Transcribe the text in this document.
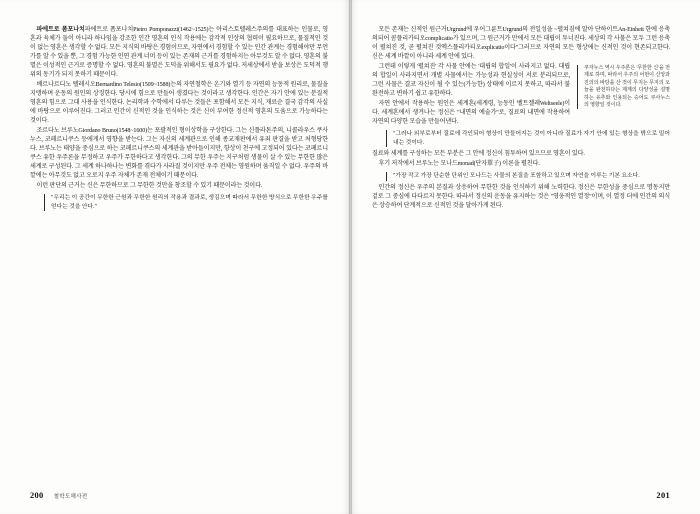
파에트로 폼포나치파에트로 폼포나치Pietro Pomponazzi(1462~1525)는 아리스토텔레스주의를 대표하는 인물로, 영혼과 육체가 둘이 아니라 하나임을 강조한 인간 영혼의 인식 작용에는 감각적 인상의 협력이 필요하므로, 물질적인 것이 없는 영혼은 생각할 수 없다. 모든 지식의 바탕은 경험이므로, 자연에서 경험할 수 있는 인간 관계는 경험해야만 무언가를 알 수 있을 뿐, 그 경험 가능한 인연 관계 너머 등이 있는 존재의 근거를 경험하지는 아무것도 알 수 없다. 영혼의 불멸은 이성적인 근거로 증명할 수 없다. 영혼의 불멸은 도덕을 위해서도 필요가 없다. 저세상에서 받을 보상은 도덕적 행위의 동기가 되지 못하기 때문이다.

베르나르디노 텔레시오Bernardino Telesio(1509~1588)는의 자연철학은 온기와 열기 등 자연의 능동적 원리로, 물질을 지탱하며 운동의 원인의 상징한다. 당시에 힘으로 만들어 생겼다는 것이라고 생각한다. 인간은 자기 안에 있는 분질적 영혼의 힘으로 그대 사용을 인식한다. 논리학과 수학에서 다루는 것들은 포함해서 모든 지식, 재료순 결국 감각의 사실에 바탕으로 이루어진다. 그러고 인간이 신적인 것을 인식하는 것은 신이 부여한 정신적 영혼의 도움으로 가능하다는 것이다.

조르다노 브루노Giordano Bruno(1548~1600)는 포괄적인 형이상학을 구상한다. 그는 신플라톤주의, 니콜라우스 쿠사누스, 코페르니쿠스 등에게서 영향을 받는다. 그는 자신의 세계관으로 인해 종교재판에서 유죄 판결을 받고 처형당한다. 브루노는 태양을 중심으로 하는 코페르니쿠스의 세계관을 받아들이지만, 항상이 천구에 고정되어 있다는 코페르니쿠스 유한 우주론을 무정하고 우주가 무한하다고 생각한다. 그의 무한 우주는 지구처럼 생물이 살 수 있는 무한한 많은 세계로 구성된다. 그 세계 하나하나는 변화를 겪다가 사라질 것이지만 우주 전체는 영원하며 움직일 수 없다. 우주의 바깥에는 아무것도 없고 오로지 우주 자체가 존재 전체이기 때문이다.

이런 판단의 근거는 신은 무한하므로 그 무한한 것만을 창조할 수 있기 때문이라는 것이다.

"우리는 이 공간이 무한한 근원과 무한한 원리의 작용과 결과로, 생김으며 따라서 무한한 방식으로 무한한 우주를 얻다는 것을 안다."
200 철학도해사전

모든 존재는 신적인 원근거Urgrund에 우어그룬트Urgrund의 전일성을 ~펼쳐짐에 알아 단하이트An-Einheit 한에 응축의되어 콤플리카티오complicatio가 있으며, 그 원근거가 만에서 모든 대립이 투너진다. 세상의 각 사물은 모두 그런 응축이 펼쳐진 것, 곧 펼쳐진 것엑스플리카티오explicatio이다"그러므로 자연의 모든 형상에는 신적인 것이 현존되고한다. 신은 세계 바깥이 아니라 세계 안에 있다.

쿠자누스 역시 우주론은 '무한한 신'을 전제로 하며, 따라서 우주의 어떤이 신앙과 진의의 바탕을 산 것이 무지는 무지의 오늘을 완전하다는 제계의 다양성을 설명하는 유추와 인용되는 승어도 쿠사누스의 영향일 것이다.

그런데 이렇게 '펼쳐진' 각 사물 안에는 '대립의 합일'이 사라지고 없다. 대립의 합일이 사라지면서 개별 사물에서는 가능성과 현실성이 서로 분리되므로, 그런 사물은 결코 자신이 될 수 있는(가능한) 상태에 이르지 못하고, 따라서 불완전하고 변하기 쉽고 유한하다.

자연 안에서 작용하는 원인은 세계혼(세계령, 능동인 벨트젤레Weltseele)이다. 세계혼에서 생겨나는 정신은 "내면의 예술가"로, 질료의 내면에 작용하여 자연의 다양한 모습을 만들어낸다.

"그러나 외부로부터 질료에 각인되어 형상이 만들어지는 것이 아니라 질료가 자기 안에 있는 형상을 밖으로 밀어내는 것이다.

질료와 세계를 구성하는 모든 부분은 그 안에 정신이 침투하여 있으므로 영혼이 있다.

후기 저작에서 브루노는 모나드monad(단자單子) 이론을 펼친다.

"가장 작고 가장 단순한 단위인 모나드는 사물의 본질을 포함하고 있으며 자연을 이루는 기본 요소다.

인간의 정신은 우주의 본질과 상응하여 무한한 것을 인식하기 위해 노력한다. 정신은 무한성을 중심으로 명동지만 겉로 그 중심에 다다르지 못한다. 따라서 정신의 운동을 유지하는 것은 "영웅적인 열정"이며, 이 열정 더에 인간의 의식은 상승하여 단계적으로 신적인 것을 달아가게 된다.

201
